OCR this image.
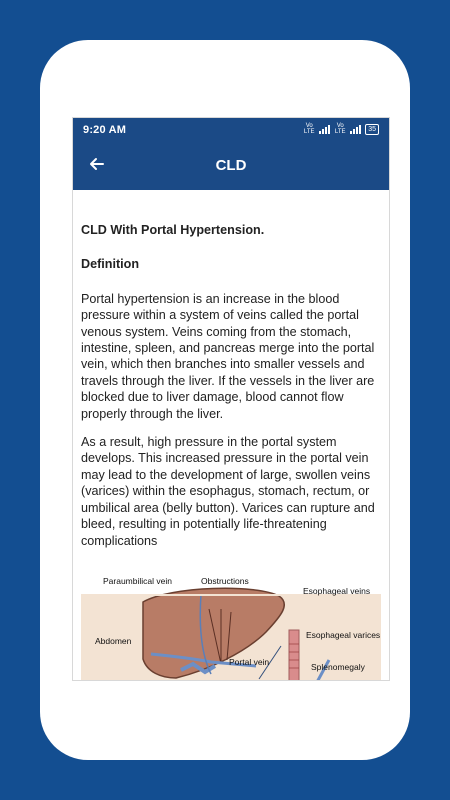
9:20 AM	Vo LTE
Vo LTE	35
CLD
CLD With Portal Hypertension.
Definition

Portal hypertension is an increase in the blood pressure within a system of veins called the portal venous system. Veins coming from the stomach, intestine, spleen, and pancreas merge into the portal vein, which then branches into smaller vessels and travels through the liver. If the vessels in the liver are blocked due to liver damage, blood cannot flow properly through the liver.

As a result, high pressure in the portal system develops. This increased pressure in the portal vein may lead to the development of large, swollen veins (varices) within the esophagus, stomach, rectum, or umbilical area (belly button). Varices can rupture and bleed, resulting in potentially life-threatening complications

Paraumbilical vein	Obstructions
Esophageal veins
Abdomen
Esophageal varices
Portal vein	Splenomegaly
